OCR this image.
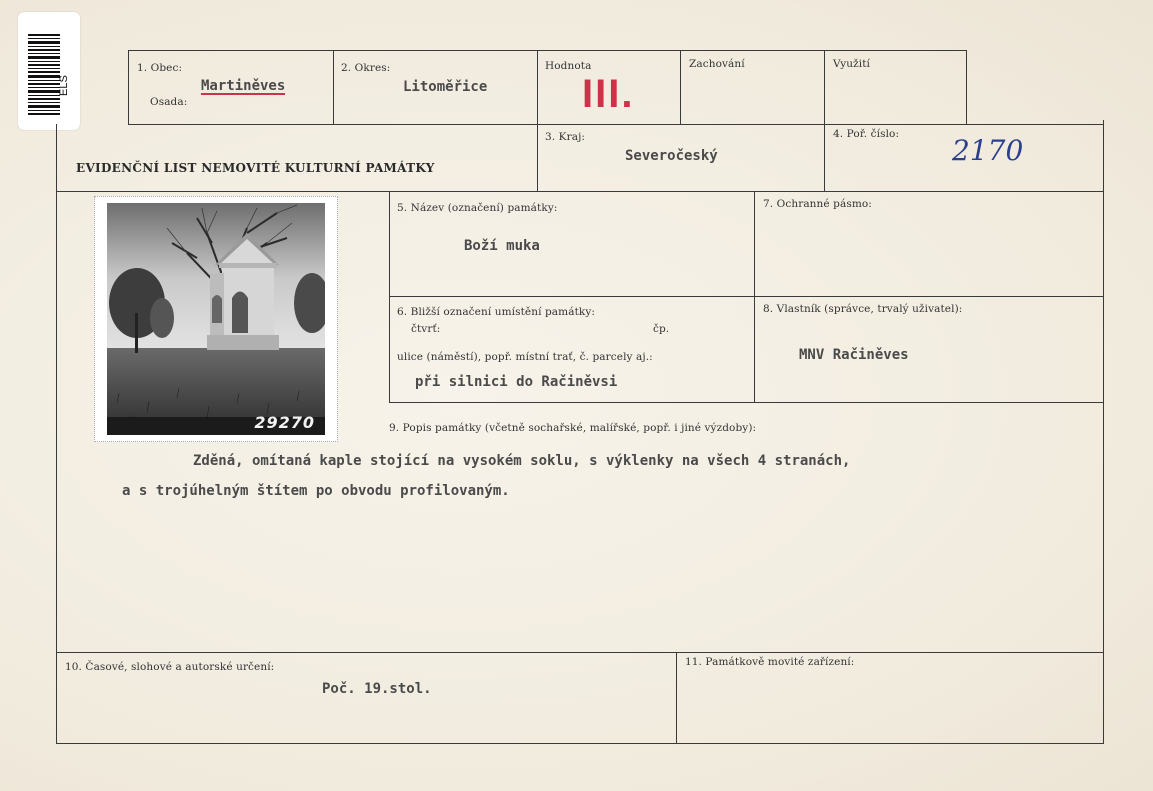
ELS
1. Obec:
Osada:
Martiněves
2. Okres:
Litoměřice
Hodnota
III.
Zachování	Využití
EVIDENČNÍ LIST NEMOVITÉ KULTURNÍ PAMÁTKY
3. Kraj:
Severočeský
4. Poř. číslo: 2170
29270
5. Název (označení) památky:
Boží muka
7. Ochranné pásmo:
6. Bližší označení umístění památky:
čtvrť:	čp.
ulice (náměstí), popř. místní trať, č. parcely aj.:
při silnici do Račiněvsi
8. Vlastník (správce, trvalý uživatel):
MNV Račiněves
9. Popis památky (včetně sochařské, malířské, popř. i jiné výzdoby):
Zděná, omítaná kaple stojící na vysokém soklu, s výklenky na všech 4 stranách,
a s trojúhelným štítem po obvodu profilovaným.
10. Časové, slohové a autorské určení:
Poč. 19.stol.
11. Památkově movité zařízení:
